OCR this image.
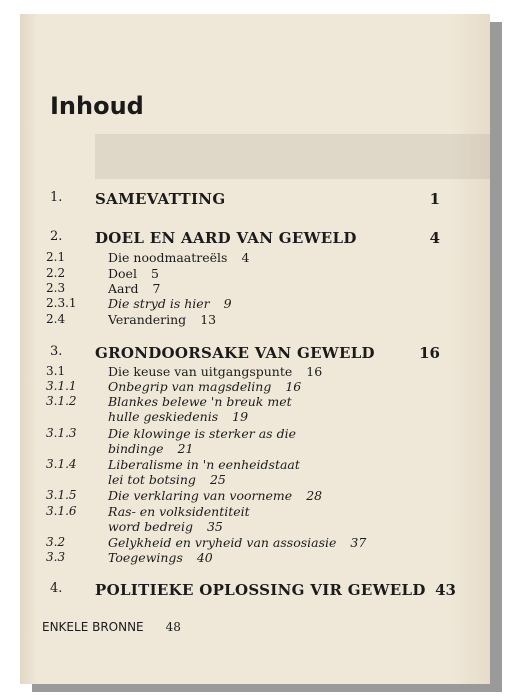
Inhoud
1. SAMEVATTING	1
2. DOEL EN AARD VAN GEWELD	4
2.1	Die noodmaatreëls 4
2.2	Doel 5
2.3	Aard 7
2.3.1	Die stryd is hier 9
2.4	Verandering 13
3. GRONDOORSAKE VAN GEWELD	16
3.1	Die keuse van uitgangspunte 16
3.1.1	Onbegrip van magsdeling 16
3.1.2	Blankes belewe 'n breuk met hulle geskiedenis 19
3.1.3	Die klowinge is sterker as die bindinge 21
3.1.4	Liberalisme in 'n eenheidstaat lei tot botsing 25
3.1.5	Die verklaring van voorneme 28
3.1.6	Ras- en volksidentiteit word bedreig 35
3.2	Gelykheid en vryheid van assosiasie 37
3.3	Toegewings 40
4. POLITIEKE OPLOSSING VIR GEWELD 43
ENKELE BRONNE 48
